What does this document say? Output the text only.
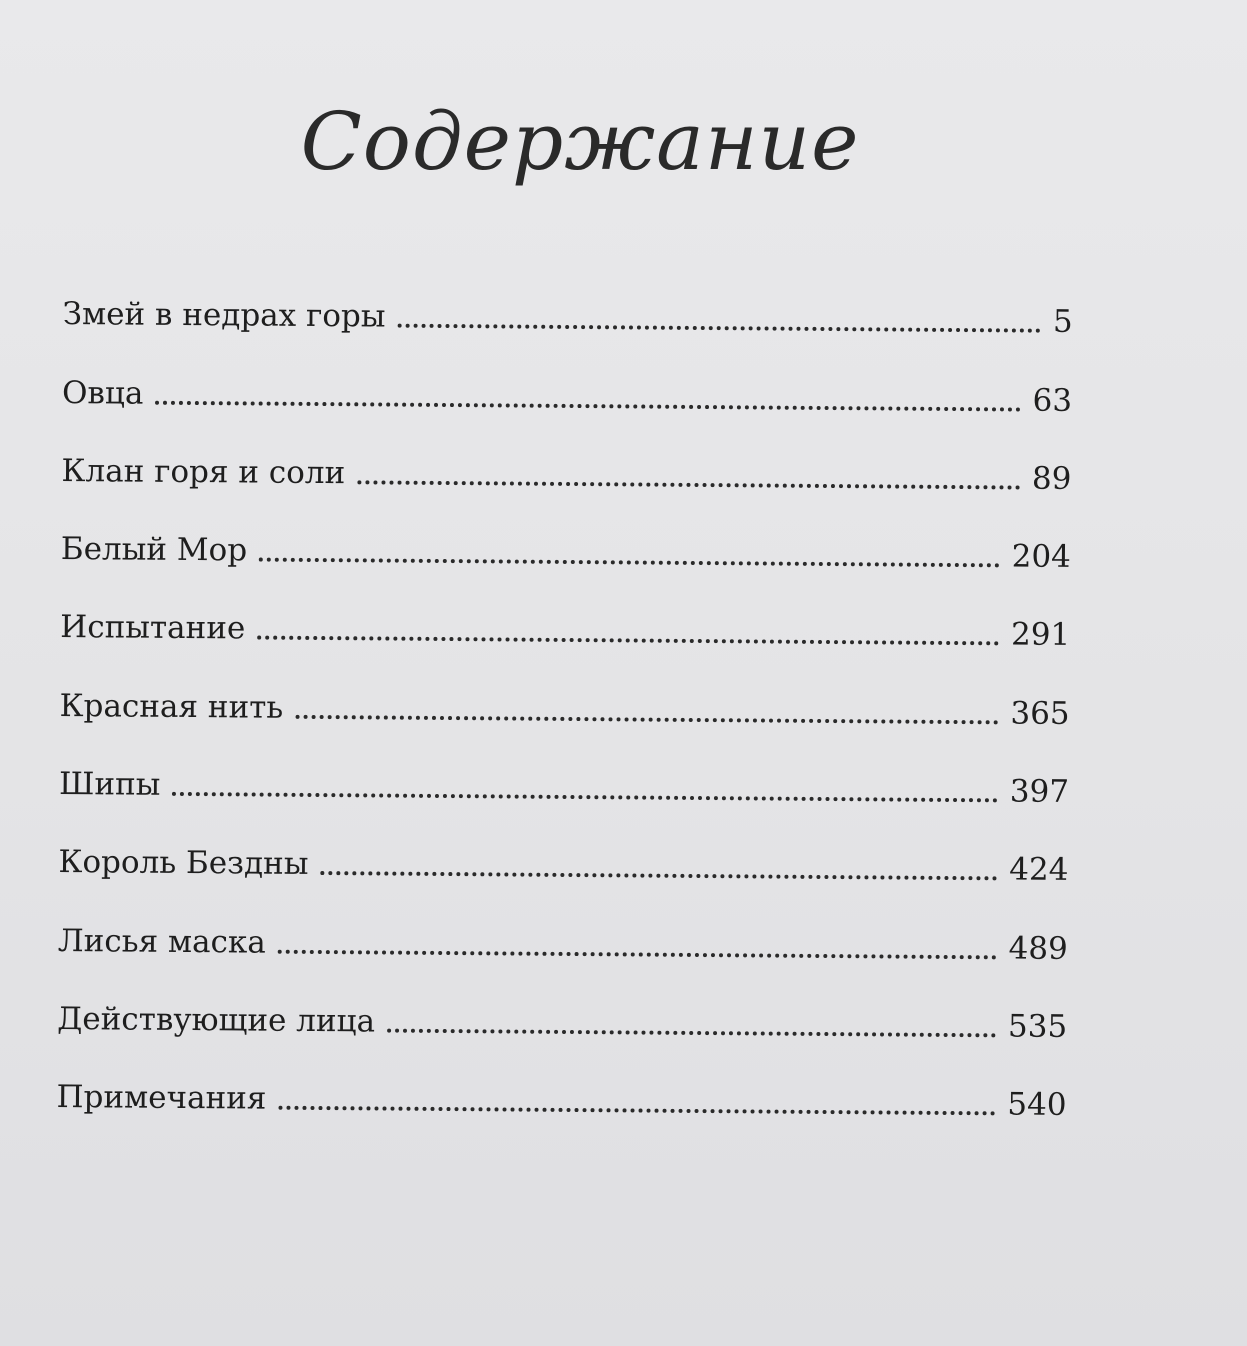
Содержание
Змей в недрах горы	5
Овца	63
Клан горя и соли	89
Белый Мор	204
Испытание	291
Красная нить	365
Шипы	397
Король Бездны	424
Лисья маска	489
Действующие лица	535
Примечания	540
